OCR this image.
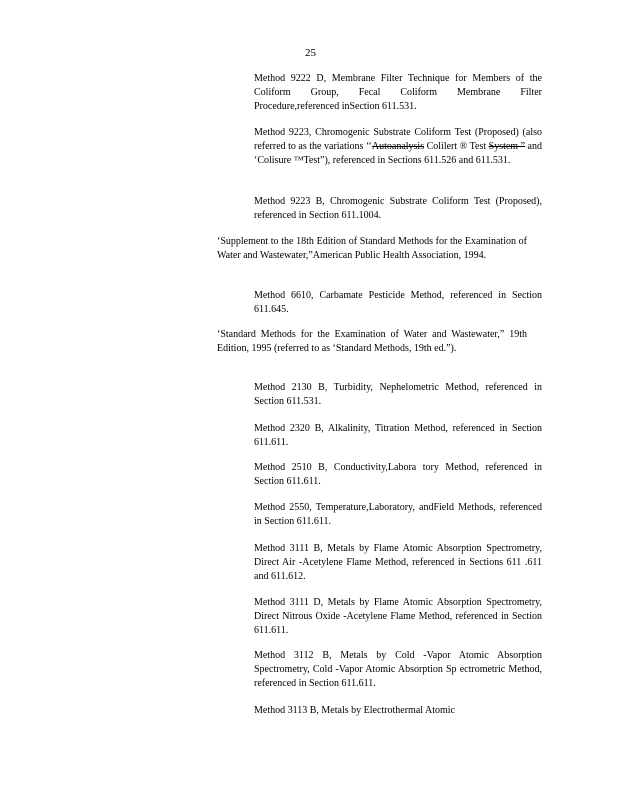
25

Method 9222 D, Membrane Filter Technique for Members of the Coliform Group, Fecal Coliform Membrane Filter Procedure,referenced inSection 611.531.

Method 9223, Chromogenic Substrate Coliform Test (Proposed) (also referred to as the variations ‘‘Autoanalysis Colilert ® Test System ” and ‘Colisure ™Test”), referenced in Sections 611.526 and 611.531.

Method 9223 B, Chromogenic Substrate Coliform Test (Proposed), referenced in Section 611.1004.

‘Supplement to the 18th Edition of Standard Methods for the Examination of Water and Wastewater,”American Public Health Association, 1994.

Method 6610, Carbamate Pesticide Method, referenced in Section 611.645.

‘Standard Methods for the Examination of Water and Wastewater,” 19th Edition, 1995 (referred to as ‘Standard Methods, 19th ed.”).

Method 2130 B, Turbidity, Nephelometric Method, referenced in Section 611.531.

Method 2320 B, Alkalinity, Titration Method, referenced in Section 611.611.

Method 2510 B, Conductivity,Labora tory Method, referenced in Section 611.611.

Method 2550, Temperature,Laboratory, andField Methods, referenced in Section 611.611.

Method 3111 B, Metals by Flame Atomic Absorption Spectrometry, Direct Air -Acetylene Flame Method, referenced in Sections 611 .611 and 611.612.

Method 3111 D, Metals by Flame Atomic Absorption Spectrometry, Direct Nitrous Oxide -Acetylene Flame Method, referenced in Section 611.611.

Method 3112 B, Metals by Cold -Vapor Atomic Absorption Spectrometry, Cold -Vapor Atomic Absorption Sp ectrometric Method, referenced in Section 611.611.

Method 3113 B, Metals by Electrothermal Atomic
